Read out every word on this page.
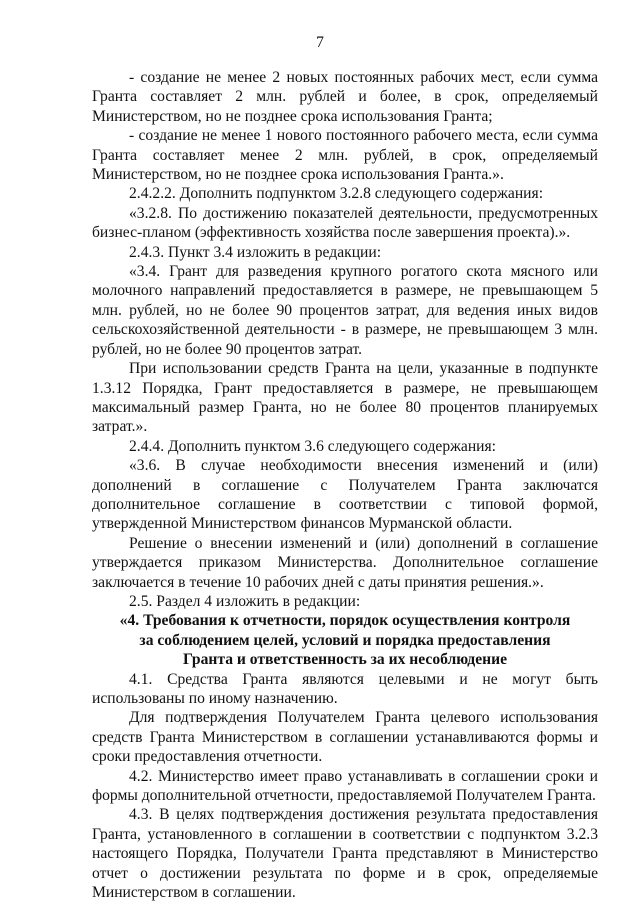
7

- создание не менее 2 новых постоянных рабочих мест, если сумма Гранта составляет 2 млн. рублей и более, в срок, определяемый Министерством, но не позднее срока использования Гранта;

- создание не менее 1 нового постоянного рабочего места, если сумма Гранта составляет менее 2 млн. рублей, в срок, определяемый Министерством, но не позднее срока использования Гранта.».

2.4.2.2. Дополнить подпунктом 3.2.8 следующего содержания:

«3.2.8. По достижению показателей деятельности, предусмотренных бизнес-планом (эффективность хозяйства после завершения проекта).».

2.4.3. Пункт 3.4 изложить в редакции:

«3.4. Грант для разведения крупного рогатого скота мясного или молочного направлений предоставляется в размере, не превышающем 5 млн. рублей, но не более 90 процентов затрат, для ведения иных видов сельскохозяйственной деятельности - в размере, не превышающем 3 млн. рублей, но не более 90 процентов затрат.

При использовании средств Гранта на цели, указанные в подпункте 1.3.12 Порядка, Грант предоставляется в размере, не превышающем максимальный размер Гранта, но не более 80 процентов планируемых затрат.».

2.4.4. Дополнить пунктом 3.6 следующего содержания:

«3.6. В случае необходимости внесения изменений и (или) дополнений в соглашение с Получателем Гранта заключатся дополнительное соглашение в соответствии с типовой формой, утвержденной Министерством финансов Мурманской области.

Решение о внесении изменений и (или) дополнений в соглашение утверждается приказом Министерства. Дополнительное соглашение заключается в течение 10 рабочих дней с даты принятия решения.».

2.5. Раздел 4 изложить в редакции:

«4. Требования к отчетности, порядок осуществления контроля
за соблюдением целей, условий и порядка предоставления
Гранта и ответственность за их несоблюдение

4.1. Средства Гранта являются целевыми и не могут быть использованы по иному назначению.

Для подтверждения Получателем Гранта целевого использования средств Гранта Министерством в соглашении устанавливаются формы и сроки предоставления отчетности.

4.2. Министерство имеет право устанавливать в соглашении сроки и формы дополнительной отчетности, предоставляемой Получателем Гранта.

4.3. В целях подтверждения достижения результата предоставления Гранта, установленного в соглашении в соответствии с подпунктом 3.2.3 настоящего Порядка, Получатели Гранта представляют в Министерство отчет о достижении результата по форме и в срок, определяемые Министерством в соглашении.
